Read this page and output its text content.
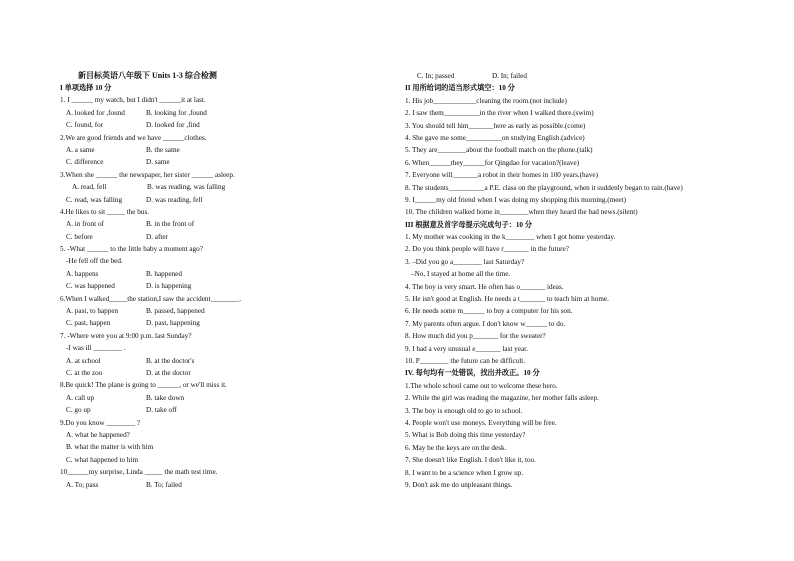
新目标英语八年级下 Units 1-3 综合检测
I 单项选择 10 分
1. I ______ my watch, but I didn't ______it at last.
A. looked for ,found	B. looking for ,found
C. found, for	D. looked for ,find
2.We are good friends and we have ______clothes.
A. a same	B. the same
C. difference	D. same
3.When she ______ the newspaper, her sister ______ asleep.
A. read, fell	B. was reading, was falling
C. read, was falling	D. was reading, fell
4.He likes to sit _____ the bus.
A. in front of	B. in the front of
C. before	D. after
5. -What ______ to the little baby a moment ago?
-He fell off the bed.
A. happens	B. happened
C. was happened	D. is happening
6.When I walked_____the station,I saw the accident________.
A. past, to happen	B. passed, happened
C. past, happen	D. past, happening
7. -Where were you at 9:00 p.m. last Sunday?
-I was ill ________ .
A. at school	B. at the doctor's
C. at the zoo	D. at the doctor
8.Be quick! The plane is going to ______, or we'll miss it.
A. call up	B. take down
C. go up	D. take off
9.Do you know ________ ?
A. what he happened?
B. what the matter is with him
C. what happened to him
10______my surprise, Linda _____ the math test time.
A. To; pass	B. To; failed
C. In; passed	D. In; failed
II 用所给词的适当形式填空：10 分
1. His job____________cleaning the room.(not include)
2. I saw them__________in the river when I walked there.(swim)
3. You should tell him_______here as early as possible.(come)
4. She gave me some__________on studying English.(advice)
5. They are________about the football match on the phone.(talk)
6. When______they______for Qingdao for vacation?(leave)
7. Everyone will_______a robot in their homes in 100 years.(have)
8. The students__________a P.E. class on the playground, when it suddenly began to rain.(have)
9. I______my old friend when I was doing my shopping this morning.(meet)
10. The children walked home in________when they heard the bad news.(silent)
III 根据意及首字母提示完成句子：10 分
1. My mother was cooking in the k________ when I got home yesterday.
2. Do you think people will have r_______ in the future?
3. –Did you go a________ last Saturday?
–No, I stayed at home all the time.
4. The boy is very smart. He often has o_______ ideas.
5. He isn't good at English. He needs a t_______ to teach him at home.
6. He needs some m______ to buy a computer for his son.
7. My parents often argue. I don't know w______ to do.
8. How much did you p_______ for the sweater?
9. I had a very unusual e_______ last year.
10. P________ the future can be difficult.
IV. 每句均有一处错误，找出并改正。10 分
1.The whole school came out to welcome these hero.
2. While the girl was reading the magazine, her mother falls asleep.
3. The boy is enough old to go to school.
4. People won't use moneys. Everything will be free.
5. What is Bob doing this time yesterday?
6. May be the keys are on the desk.
7. She doesn't like English. I don't like it, too.
8. I want to be a science when I grow up.
9. Don't ask me do unpleasant things.
